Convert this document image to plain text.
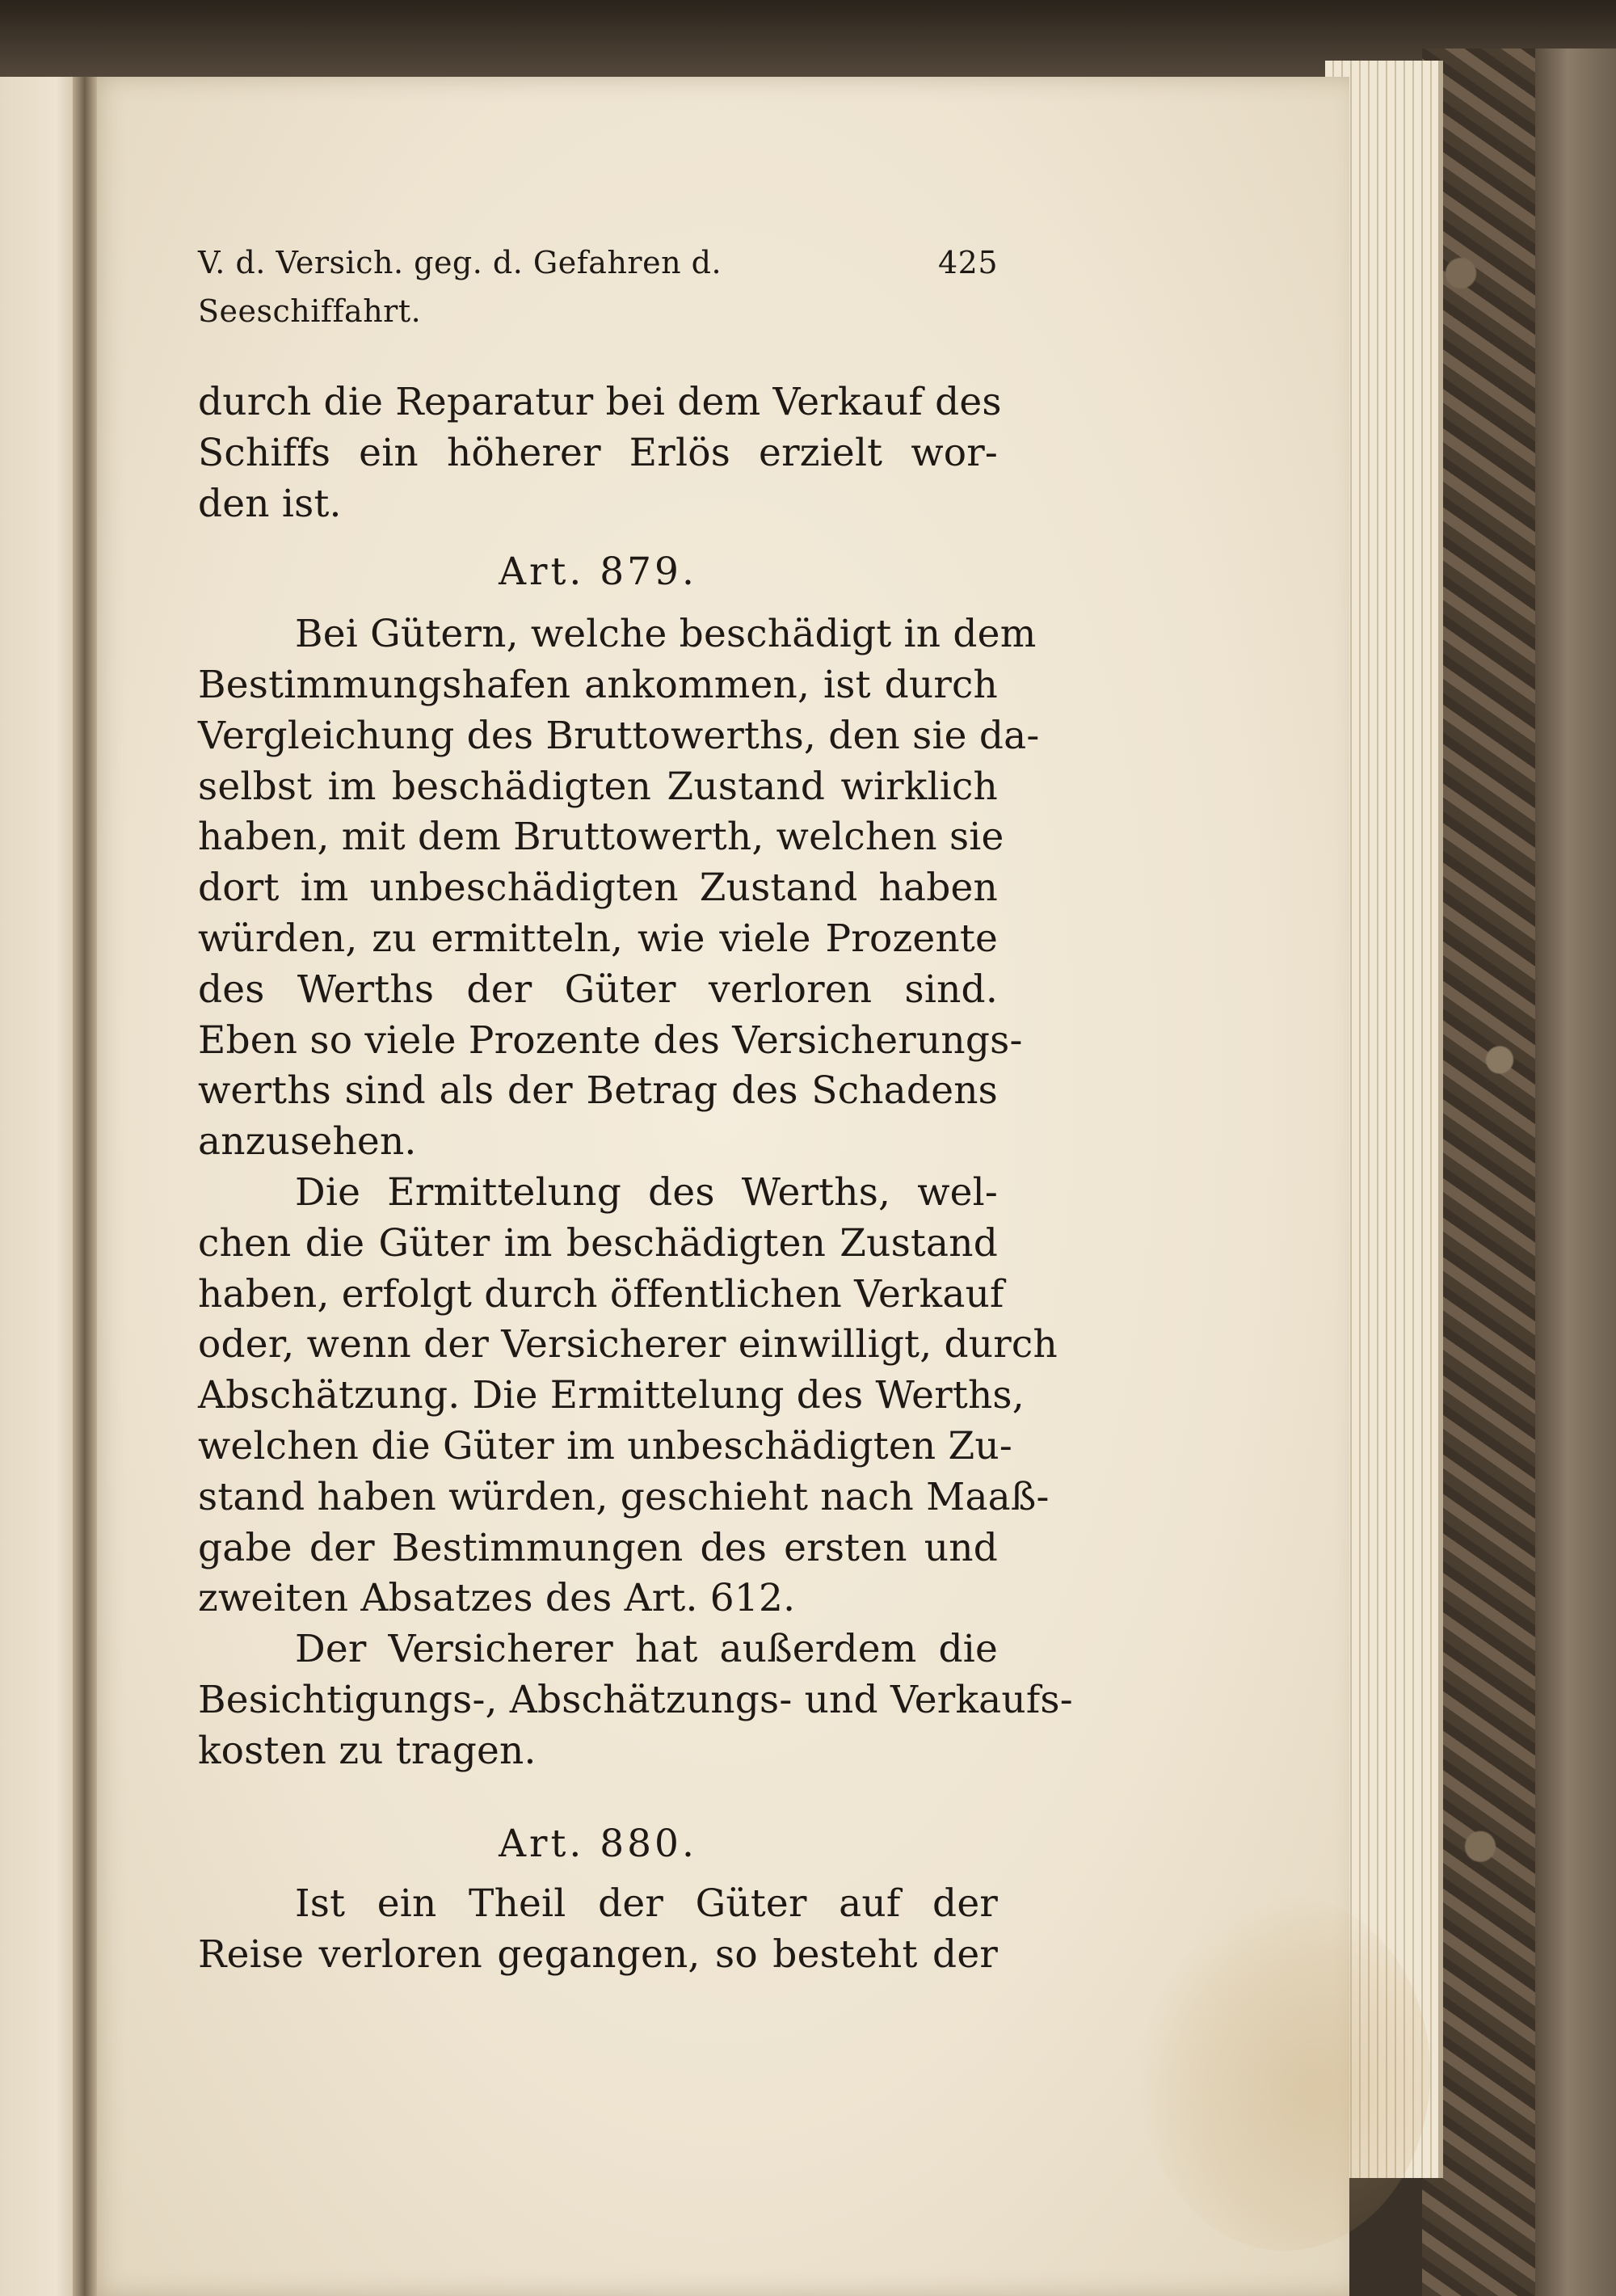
V. d. Versich. geg. d. Gefahren d. Seeschiffahrt.
425
durch die Reparatur bei dem Verkauf des
Schiffs ein höherer Erlös erzielt wor-
den ist.
Art. 879.
Bei Gütern, welche beschädigt in dem
Bestimmungshafen ankommen, ist durch
Vergleichung des Bruttowerths, den sie da-
selbst im beschädigten Zustand wirklich
haben, mit dem Bruttowerth, welchen sie
dort im unbeschädigten Zustand haben
würden, zu ermitteln, wie viele Prozente
des Werths der Güter verloren sind.
Eben so viele Prozente des Versicherungs-
werths sind als der Betrag des Schadens
anzusehen.
Die Ermittelung des Werths, wel-
chen die Güter im beschädigten Zustand
haben, erfolgt durch öffentlichen Verkauf
oder, wenn der Versicherer einwilligt, durch
Abschätzung. Die Ermittelung des Werths,
welchen die Güter im unbeschädigten Zu-
stand haben würden, geschieht nach Maaß-
gabe der Bestimmungen des ersten und
zweiten Absatzes des Art. 612.
Der Versicherer hat außerdem die
Besichtigungs-, Abschätzungs- und Verkaufs-
kosten zu tragen.
Art. 880.
Ist ein Theil der Güter auf der
Reise verloren gegangen, so besteht der
